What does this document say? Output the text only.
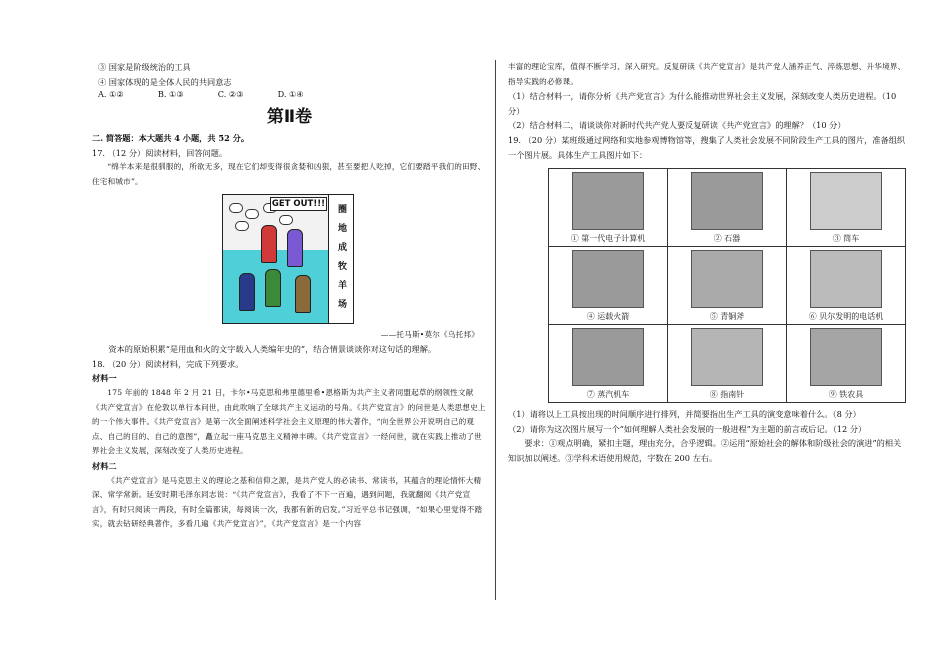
③ 国家是阶级统治的工具

④ 国家体现的是全体人民的共同意志

A. ①②	B. ①③	C. ②③	D. ①④
第Ⅱ卷

二. 简答题：本大题共 4 小题，共 52 分。

17. （12 分）阅读材料，回答问题。

“绵羊本来是很驯服的，所欲无多，现在它们却变得很贪婪和凶狠，甚至要把人吃掉，它们要踏平我们的田野、住宅和城市”。

GET OUT!!!
圈
地
成
牧
羊
场

——托马斯•莫尔《乌托邦》

资本的原始积累“是用血和火的文字载入人类编年史的”，结合情景谈谈你对这句话的理解。

18. （20 分）阅读材料，完成下列要求。

材料一

175 年前的 1848 年 2 月 21 日，卡尔•马克思和弗里德里希•恩格斯为共产主义者同盟起草的纲领性文献《共产党宣言》在伦敦以单行本问世，由此吹响了全球共产主义运动的号角。《共产党宣言》的问世是人类思想史上的一个伟大事件。《共产党宣言》是第一次全面阐述科学社会主义原理的伟大著作，“向全世界公开说明自己的观点、自己的目的、自己的意图”，矗立起一座马克思主义精神丰碑。《共产党宣言》一经问世，就在实践上推动了世界社会主义发展，深刻改变了人类历史进程。

材料二

《共产党宣言》是马克思主义的理论之基和信仰之源，是共产党人的必读书、常读书，其蕴含的理论情怀大精深、常学常新。延安时期毛泽东同志说：“《共产党宣言》，我看了不下一百遍，遇到问题，我就翻阅《共产党宣言》，有时只阅读一两段，有时全篇都读，每阅读一次，我都有新的启发。”习近平总书记强调，“如果心里觉得不踏实，就去钻研经典著作，多看几遍《共产党宣言》”，《共产党宣言》是一个内容

丰富的理论宝库，值得不断学习、深入研究。反复研读《共产党宣言》是共产党人涵养正气、淬炼思想、升华境界、指导实践的必修课。

（1）结合材料一，请你分析《共产党宣言》为什么能推动世界社会主义发展，深刻改变人类历史进程。（10 分）

（2）结合材料二，请谈谈你对新时代共产党人要反复研读《共产党宣言》的理解？（10 分）

19. （20 分）某班级通过网络和实地参观博物馆等，搜集了人类社会发展不同阶段生产工具的图片，准备组织一个图片展。具体生产工具图片如下：

① 第一代电子计算机	② 石器	③ 筒车

④ 运载火箭	⑤ 青铜斧	⑥ 贝尔发明的电话机

⑦ 蒸汽机车	⑧ 指南针	⑨ 铁农具

（1）请将以上工具按出现的时间顺序进行排列，并简要指出生产工具的演变意味着什么。（8 分）

（2）请你为这次图片展写一个“如何理解人类社会发展的一般进程”为主题的前言或后记。（12 分）

要求：①观点明确，紧扣主题，理由充分，合乎逻辑。②运用“原始社会的解体和阶级社会的演进”的相关知识加以阐述。③学科术语使用规范，字数在 200 左右。
